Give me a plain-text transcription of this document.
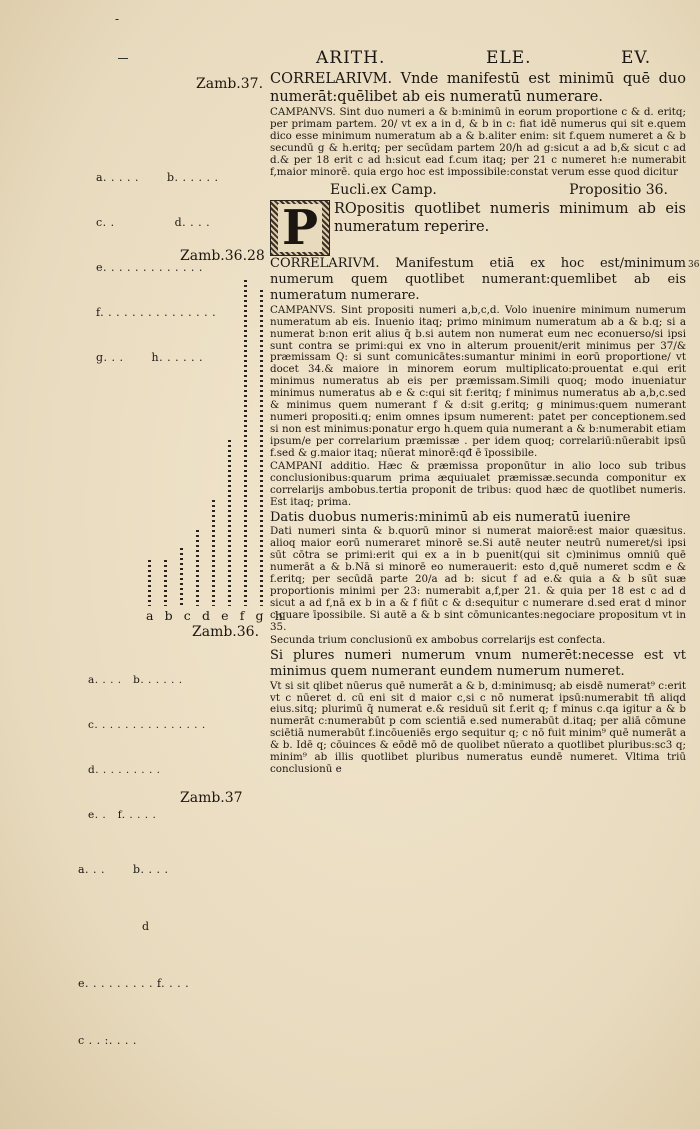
-
ARITH.	ELE.	EV.
Zamb.37.
Zamb.36.28
Zamb.36.
Zamb.37
36

a. . . . .       b. . . . . .

c. .               d. . . .

e. . . . . . . . . . . . .

f. . . . . . . . . . . . . . .

g. . .       h. . . . . .

a b c d e f g h

a. . . .   b. . . . . .

c. . . . . . . . . . . . . . .

d. . . . . . . . .

e. .   f. . . . .

a. . .       b. . . .

d

e. . . . . . . . . f. . . .

c . . :. . . .

CORRELARIVM. Vnde manifestū est minimū quē duo numerāt:quēlibet ab eis numeratū numerare.

CAMPANVS. Sint duo numeri a & b:minimū in eorum proportione c & d. eritq; per primam partem. 20/ vt ex a in d, & b in c: fiat idē numerus qui sit e.quem dico esse minimum numeratum ab a & b.aliter enim: sit f.quem numeret a & b secundū g & h.eritq; per secūdam partem 20/h ad g:sicut a ad b,& sicut c ad d.& per 18 erit c ad h:sicut ead f.cum itaq; per 21 c numeret h:e numerabit f,maior minorē. quia ergo hoc est impossibile:constat verum esse quod dicitur

Eucli.ex Camp.	Propositio 36.
P ROpositis quotlibet numeris minimum ab eis numeratum reperire.

CORRELARIVM. Manifestum etiā ex hoc est/minimum numerum quem quotlibet numerant:quemlibet ab eis numeratum numerare.

CAMPANVS. Sint propositi numeri a,b,c,d. Volo inuenire minimum numerum numeratum ab eis. Inuenio itaq; primo minimum numeratum ab a & b.q; si a numerat b:non erit alius q̄ b.si autem non numerat eum nec econuerso/si ipsi sunt contra se primi:qui ex vno in alterum prouenit/erit minimus per 37/& præmissam Q: si sunt comunicātes:sumantur minimi in eorū proportione/ vt docet 34.& maiore in minorem eorum multiplicato:prouentat e.qui erit minimus numeratus ab eis per præmissam.Simili quoq; modo inueniatur minimus numeratus ab e & c:qui sit f:eritq; f minimus numeratus ab a,b,c.sed & minimus quem numerant f & d:sit g.eritq; g minimus:quem numerant numeri propositi.q; enim omnes ipsum numerent: patet per conceptionem.sed si non est minimus:ponatur ergo h.quem quia numerant a & b:numerabit etiam ipsum/e per correlarium præmissæ . per idem quoq; correlariū:nūerabit ipsū f.sed & g.maior itaq; nūerat minorē:qđ ē īpossibile.

CAMPANI additio. Hæc & præmissa proponūtur in alio loco sub tribus conclusionibus:quarum prima æquiualet præmissæ.secunda componitur ex correlarijs ambobus.tertia proponit de tribus: quod hæc de quotlibet numeris. Est itaq; prima.

Datis duobus numeris:minimū ab eis numeratū iuenire

Dati numeri sinta & b.quorū minor si numerat maiorē:est maior quæsitus. alioq maior eorū numeraret minorē se.Si autē neuter neutrū numeret/si ipsi sūt cōtra se primi:erit qui ex a in b puenit(qui sit c)minimus omniū quē numerāt a & b.Nā si minorē eo numerauerit: esto d,quē numeret scdm e & f.eritq; per secūdā parte 20/a ad b: sicut f ad e.& quia a & b sūt suæ proportionis minimi per 23: numerabit a,f,per 21. & quia per 18 est c ad d sicut a ad f,nā ex b in a & f fiūt c & d:sequitur c numerare d.sed erat d minor c.quare īpossibile. Si autē a & b sint cōmunicantes:negociare propositum vt in 35.

Secunda trium conclusionū ex ambobus correlarijs est confecta.

Si plures numeri numerum vnum numerēt:necesse est vt minimus quem numerant eundem numerum numeret.

Vt si sit qlibet nūerus quē numerāt a & b, d:minimusq; ab eisdē numerat⁹ c:erit vt c nūeret d. cū eni sit d maior c,si c nō numerat ipsū:numerabit tñ aliqd eius.sitq; plurimū q̄ numerat e.& residuū sit f.erit q; f minus c.qa igitur a & b numerāt c:numerabūt p com scientiā e.sed numerabūt d.itaq; per aliā cōmune sciētiā numerabūt f.incōueniēs ergo sequitur q; c nō fuit minim⁹ quē numerāt a & b. Idē q; cōuinces & eōdē mō de quolibet nūerato a quotlibet pluribus:sc3 q; minim⁹ ab illis quotlibet pluribus numeratus eundē numeret. Vltima triū conclusionū e
